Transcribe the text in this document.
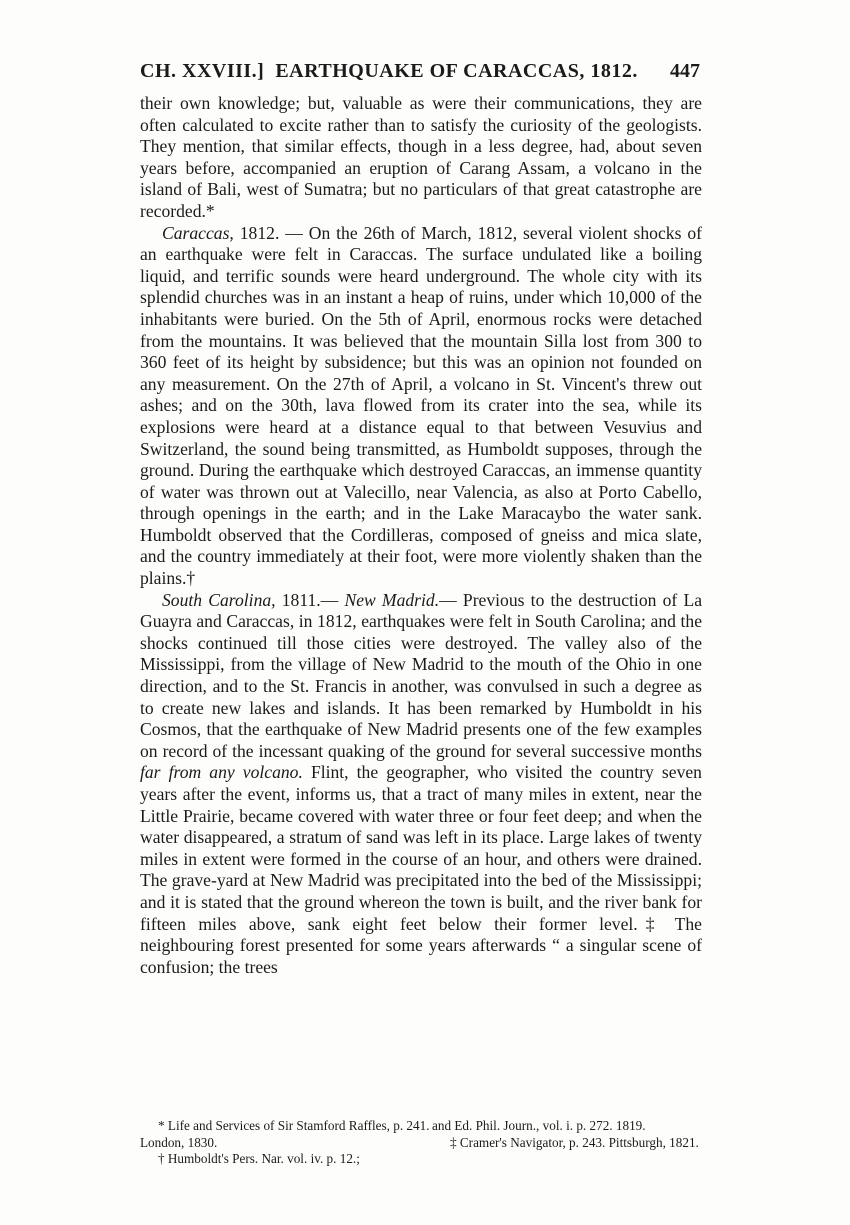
CH. XXVIII.] EARTHQUAKE OF CARACCAS, 1812. 447

their own knowledge; but, valuable as were their communications, they are often calculated to excite rather than to satisfy the curiosity of the geologists. They mention, that similar effects, though in a less degree, had, about seven years before, accompanied an eruption of Carang Assam, a volcano in the island of Bali, west of Sumatra; but no particulars of that great catastrophe are recorded.*

Caraccas, 1812. — On the 26th of March, 1812, several violent shocks of an earthquake were felt in Caraccas. The surface undulated like a boiling liquid, and terrific sounds were heard underground. The whole city with its splendid churches was in an instant a heap of ruins, under which 10,000 of the inhabitants were buried. On the 5th of April, enormous rocks were detached from the mountains. It was believed that the mountain Silla lost from 300 to 360 feet of its height by subsidence; but this was an opinion not founded on any measurement. On the 27th of April, a volcano in St. Vincent's threw out ashes; and on the 30th, lava flowed from its crater into the sea, while its explosions were heard at a distance equal to that between Vesuvius and Switzerland, the sound being transmitted, as Humboldt supposes, through the ground. During the earthquake which destroyed Caraccas, an immense quantity of water was thrown out at Valecillo, near Valencia, as also at Porto Cabello, through openings in the earth; and in the Lake Maracaybo the water sank. Humboldt observed that the Cordilleras, composed of gneiss and mica slate, and the country immediately at their foot, were more violently shaken than the plains.†

South Carolina, 1811.— New Madrid.— Previous to the destruction of La Guayra and Caraccas, in 1812, earthquakes were felt in South Carolina; and the shocks continued till those cities were destroyed. The valley also of the Mississippi, from the village of New Madrid to the mouth of the Ohio in one direction, and to the St. Francis in another, was convulsed in such a degree as to create new lakes and islands. It has been remarked by Humboldt in his Cosmos, that the earthquake of New Madrid presents one of the few examples on record of the incessant quaking of the ground for several successive months far from any volcano. Flint, the geographer, who visited the country seven years after the event, informs us, that a tract of many miles in extent, near the Little Prairie, became covered with water three or four feet deep; and when the water disappeared, a stratum of sand was left in its place. Large lakes of twenty miles in extent were formed in the course of an hour, and others were drained. The grave-yard at New Madrid was precipitated into the bed of the Mississippi; and it is stated that the ground whereon the town is built, and the river bank for fifteen miles above, sank eight feet below their former level.‡ The neighbouring forest presented for some years afterwards “ a singular scene of confusion; the trees

* Life and Services of Sir Stamford Raffles, p. 241. London, 1830.

† Humboldt's Pers. Nar. vol. iv. p. 12.;

and Ed. Phil. Journ., vol. i. p. 272. 1819.

‡ Cramer's Navigator, p. 243. Pittsburgh, 1821.
